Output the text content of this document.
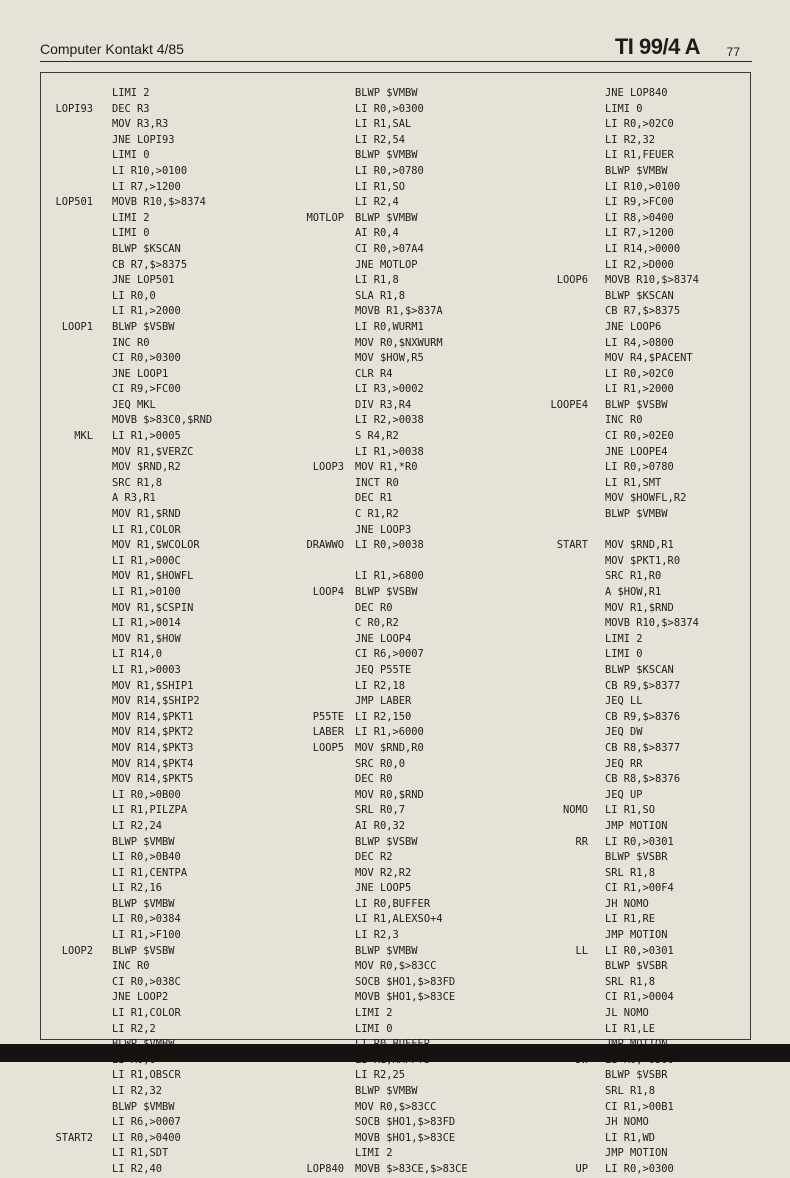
Computer Kontakt 4/85	TI 99/4 A 77
LIMI 2
LOPI93 DEC R3
MOV R3,R3
JNE LOPI93
LIMI 0
LI R10,>0100
LI R7,>1200
LOP501 MOVB R10,$>8374
LIMI 2
LIMI 0
BLWP $KSCAN
CB R7,$>8375
JNE LOP501
LI R0,0
LI R1,>2000
LOOP1 BLWP $VSBW
INC R0
CI R0,>0300
JNE LOOP1
CI R9,>FC00
JEQ MKL
MOVB $>83C0,$RND
MKL LI R1,>0005
MOV R1,$VERZC
MOV $RND,R2
SRC R1,8
A R3,R1
MOV R1,$RND
LI R1,COLOR
MOV R1,$WCOLOR
LI R1,>000C
MOV R1,$HOWFL
LI R1,>0100
MOV R1,$CSPIN
LI R1,>0014
MOV R1,$HOW
LI R14,0
LI R1,>0003
MOV R1,$SHIP1
MOV R14,$SHIP2
MOV R14,$PKT1
MOV R14,$PKT2
MOV R14,$PKT3
MOV R14,$PKT4
MOV R14,$PKT5
LI R0,>0B00
LI R1,PILZPA
LI R2,24
BLWP $VMBW
LI R0,>0B40
LI R1,CENTPA
LI R2,16
BLWP $VMBW
LI R0,>0384
LI R1,>F100
LOOP2 BLWP $VSBW
INC R0
CI R0,>038C
JNE LOOP2
LI R1,COLOR
LI R2,2
LI R1,OBSCR
LI R2,32
BLWP $VMBW
LI R6,>0007
START2 LI R0,>0400
LI R1,SDT
LI R2,40
BLWP $VMBW
LI R0,>0300
LI R1,SAL
LI R2,54
BLWP $VMBW
LI R0,>0780
LI R1,SO
LI R2,4
MOTLOP BLWP $VMBW
AI R0,4
CI R0,>07A4
JNE MOTLOP
LI R1,8
SLA R1,8
MOVB R1,$>837A
LI R0,WURM1
MOV R0,$NXWURM
MOV $HOW,R5
CLR R4
LI R3,>0002
DIV R3,R4
LI R2,>0038
S R4,R2
LI R1,>0038
LOOP3 MOV R1,*R0
INCT R0
DEC R1
C R1,R2
JNE LOOP3
DRAWWO LI R0,>0038
LI R1,>6800
LOOP4 BLWP $VSBW
DEC R0
C R0,R2
JNE LOOP4
CI R6,>0007
JEQ P55TE
LI R2,18
JMP LABER
P55TE LI R2,150
LABER LI R1,>6000
LOOP5 MOV $RND,R0
SRC R0,0
DEC R0
MOV R0,$RND
SRL R0,7
AI R0,32
BLWP $VSBW
DEC R2
MOV R2,R2
JNE LOOP5
LI R0,BUFFER
LI R1,ALEXSO+4
LI R2,3
BLWP $VMBW
MOV R0,$>83CC
SOCB $HO1,$>83FD
MOVB $HO1,$>83CE
LIMI 2
LIMI 0
LI R2,25
BLWP $VMBW
MOV R0,$>83CC
SOCB $HO1,$>83FD
MOVB $HO1,$>83CE
LIMI 2
LOP840 MOVB $>83CE,$>83CE
JNE LOP840
LIMI 0
LI R0,>02C0
LI R2,32
LI R1,FEUER
BLWP $VMBW
LI R10,>0100
LI R9,>FC00
LI R8,>0400
LI R7,>1200
LI R14,>0000
LI R2,>D000
LOOP6 MOVB R10,$>8374
BLWP $KSCAN
CB R7,$>8375
JNE LOOP6
LI R4,>0800
MOV R4,$PACENT
LI R0,>02C0
LI R1,>2000
LOOPE4 BLWP $VSBW
INC R0
CI R0,>02E0
JNE LOOPE4
LI R0,>0780
LI R1,SMT
MOV $HOWFL,R2
BLWP $VMBW
START MOV $RND,R1
MOV $PKT1,R0
SRC R1,R0
A $HOW,R1
MOV R1,$RND
MOVB R10,$>8374
LIMI 2
LIMI 0
BLWP $KSCAN
CB R9,$>8377
JEQ LL
CB R9,$>8376
JEQ DW
CB R8,$>8377
JEQ RR
CB R8,$>8376
JEQ UP
NOMO LI R1,SO
JMP MOTION
RR LI R0,>0301
BLWP $VSBR
SRL R1,8
CI R1,>00F4
JH NOMO
LI R1,RE
JMP MOTION
LL LI R0,>0301
BLWP $VSBR
SRL R1,8
CI R1,>0004
JL NOMO
LI R1,LE
BLWP $VSBR
SRL R1,8
CI R1,>00B1
JH NOMO
LI R1,WD
JMP MOTION
UP LI R0,>0300
